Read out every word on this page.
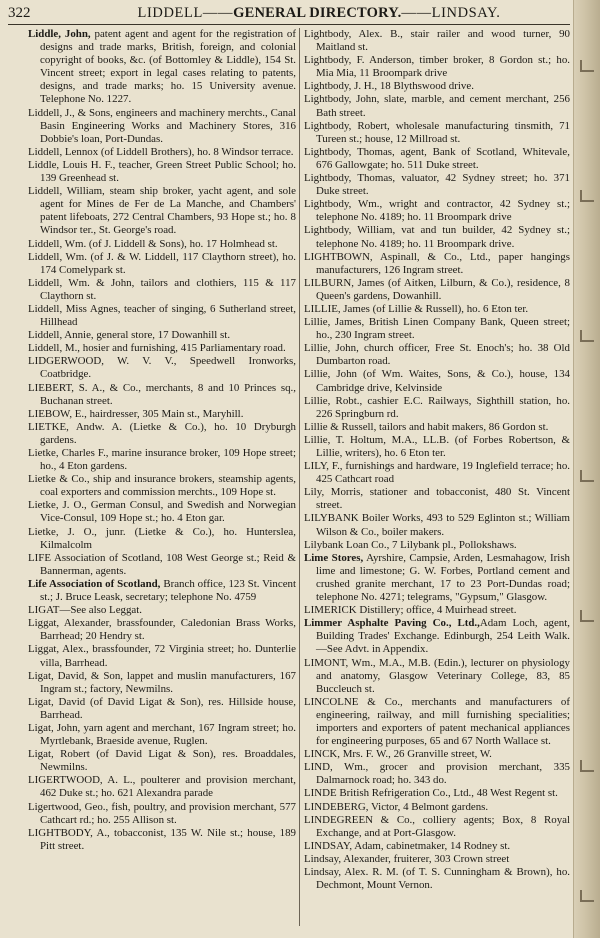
322	LIDDELL——GENERAL DIRECTORY.——LINDSAY.

Liddle, John, patent agent and agent for the registration of designs and trade marks, British, foreign, and colonial copyright of books, &c. (of Bottomley & Liddle), 154 St. Vincent street; export in legal cases relating to patents, designs, and trade marks; ho. 15 University avenue. Telephone No. 1227.

Liddell, J., & Sons, engineers and machinery merchts., Canal Basin Engineering Works and Machinery Stores, 316 Dobbie's loan, Port-Dundas.

Liddell, Lennox (of Liddell Brothers), ho. 8 Windsor terrace.

Liddle, Louis H. F., teacher, Green Street Public School; ho. 139 Greenhead st.

Liddell, William, steam ship broker, yacht agent, and sole agent for Mines de Fer de La Manche, and Chambers' patent lifeboats, 272 Central Chambers, 93 Hope st.; ho. 8 Windsor ter., St. George's road.

Liddell, Wm. (of J. Liddell & Sons), ho. 17 Holmhead st.

Liddell, Wm. (of J. & W. Liddell, 117 Claythorn street), ho. 174 Comelypark st.

Liddell, Wm. & John, tailors and clothiers, 115 & 117 Claythorn st.

Liddell, Miss Agnes, teacher of singing, 6 Sutherland street, Hillhead

Liddell, Annie, general store, 17 Dowanhill st.

Liddell, M., hosier and furnishing, 415 Parliamentary road.

LIDGERWOOD, W. V. V., Speedwell Ironworks, Coatbridge.

LIEBERT, S. A., & Co., merchants, 8 and 10 Princes sq., Buchanan street.

LIEBOW, E., hairdresser, 305 Main st., Maryhill.

LIETKE, Andw. A. (Lietke & Co.), ho. 10 Dryburgh gardens.

Lietke, Charles F., marine insurance broker, 109 Hope street; ho., 4 Eton gardens.

Lietke & Co., ship and insurance brokers, steamship agents, coal exporters and commission merchts., 109 Hope st.

Lietke, J. O., German Consul, and Swedish and Norwegian Vice-Consul, 109 Hope st.; ho. 4 Eton gar.

Lietke, J. O., junr. (Lietke & Co.), ho. Hunterslea, Kilmalcolm

LIFE Association of Scotland, 108 West George st.; Reid & Bannerman, agents.

Life Association of Scotland, Branch office, 123 St. Vincent st.; J. Bruce Leask, secretary; telephone No. 4759

LIGAT—See also Leggat.

Liggat, Alexander, brassfounder, Caledonian Brass Works, Barrhead; 20 Hendry st.

Liggat, Alex., brassfounder, 72 Virginia street; ho. Dunterlie villa, Barrhead.

Ligat, David, & Son, lappet and muslin manufacturers, 167 Ingram st.; factory, Newmilns.

Ligat, David (of David Ligat & Son), res. Hillside house, Barrhead.

Ligat, John, yarn agent and merchant, 167 Ingram street; ho. Myrtlebank, Braeside avenue, Ruglen.

Ligat, Robert (of David Ligat & Son), res. Broaddales, Newmilns.

LIGERTWOOD, A. L., poulterer and provision merchant, 462 Duke st.; ho. 621 Alexandra parade

Ligertwood, Geo., fish, poultry, and provision merchant, 577 Cathcart rd.; ho. 255 Allison st.

LIGHTBODY, A., tobacconist, 135 W. Nile st.; house, 189 Pitt street.

Lightbody, Alex. B., stair railer and wood turner, 90 Maitland st.

Lightbody, F. Anderson, timber broker, 8 Gordon st.; ho. Mia Mia, 11 Broompark drive

Lightbody, J. H., 18 Blythswood drive.

Lightbody, John, slate, marble, and cement merchant, 256 Bath street.

Lightbody, Robert, wholesale manufacturing tinsmith, 71 Tureen st.; house, 12 Millroad st.

Lightbody, Thomas, agent, Bank of Scotland, Whitevale, 676 Gallowgate; ho. 511 Duke street.

Lightbody, Thomas, valuator, 42 Sydney street; ho. 371 Duke street.

Lightbody, Wm., wright and contractor, 42 Sydney st.; telephone No. 4189; ho. 11 Broompark drive

Lightbody, William, vat and tun builder, 42 Sydney st.; telephone No. 4189; ho. 11 Broompark drive.

LIGHTBOWN, Aspinall, & Co., Ltd., paper hangings manufacturers, 126 Ingram street.

LILBURN, James (of Aitken, Lilburn, & Co.), residence, 8 Queen's gardens, Dowanhill.

LILLIE, James (of Lillie & Russell), ho. 6 Eton ter.

Lillie, James, British Linen Company Bank, Queen street; ho., 230 Ingram street.

Lillie, John, church officer, Free St. Enoch's; ho. 38 Old Dumbarton road.

Lillie, John (of Wm. Waites, Sons, & Co.), house, 134 Cambridge drive, Kelvinside

Lillie, Robt., cashier E.C. Railways, Sighthill station, ho. 226 Springburn rd.

Lillie & Russell, tailors and habit makers, 86 Gordon st.

Lillie, T. Holtum, M.A., LL.B. (of Forbes Robertson, & Lillie, writers), ho. 6 Eton ter.

LILY, F., furnishings and hardware, 19 Inglefield terrace; ho. 425 Cathcart road

Lily, Morris, stationer and tobacconist, 480 St. Vincent street.

LILYBANK Boiler Works, 493 to 529 Eglinton st.; William Wilson & Co., boiler makers.

Lilybank Loan Co., 7 Lilybank pl., Pollokshaws.

Lime Stores, Ayrshire, Campsie, Arden, Lesmahagow, Irish lime and limestone; G. W. Forbes, Portland cement and crushed granite merchant, 17 to 23 Port-Dundas road; telephone No. 4271; telegrams, "Gypsum," Glasgow.

LIMERICK Distillery; office, 4 Muirhead street.

Limmer Asphalte Paving Co., Ltd.,Adam Loch, agent, Building Trades' Exchange. Edinburgh, 254 Leith Walk.—See Advt. in Appendix.

LIMONT, Wm., M.A., M.B. (Edin.), lecturer on physiology and anatomy, Glasgow Veterinary College, 83, 85 Buccleuch st.

LINCOLNE & Co., merchants and manufacturers of engineering, railway, and mill furnishing specialities; importers and exporters of patent mechanical appliances for engineering purposes, 65 and 67 North Wallace st.

LINCK, Mrs. F. W., 26 Granville street, W.

LIND, Wm., grocer and provision merchant, 335 Dalmarnock road; ho. 343 do.

LINDE British Refrigeration Co., Ltd., 48 West Regent st.

LINDEBERG, Victor, 4 Belmont gardens.

LINDEGREEN & Co., colliery agents; Box, 8 Royal Exchange, and at Port-Glasgow.

LINDSAY, Adam, cabinetmaker, 14 Rodney st.

Lindsay, Alexander, fruiterer, 303 Crown street

Lindsay, Alex. R. M. (of T. S. Cunningham & Brown), ho. Dechmont, Mount Vernon.
